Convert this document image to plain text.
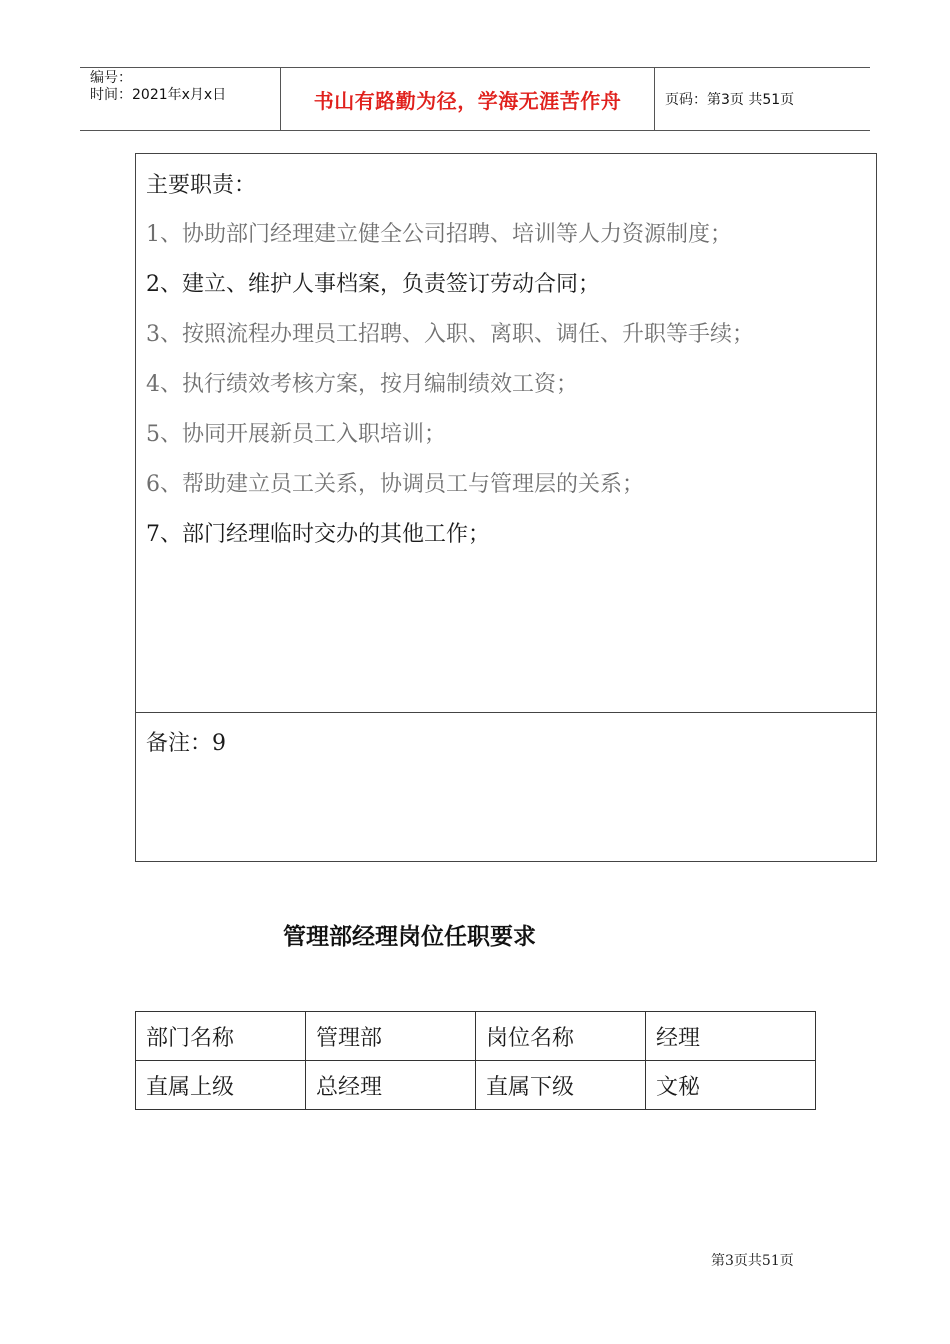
编号：
时间：2021年x月x日	书山有路勤为径，学海无涯苦作舟	页码：第3页 共51页
主要职责：
1、协助部门经理建立健全公司招聘、培训等人力资源制度；
2、建立、维护人事档案，负责签订劳动合同；
3、按照流程办理员工招聘、入职、离职、调任、升职等手续；
4、执行绩效考核方案，按月编制绩效工资；
5、协同开展新员工入职培训；
6、帮助建立员工关系，协调员工与管理层的关系；
7、部门经理临时交办的其他工作；
备注：9
管理部经理岗位任职要求
部门名称	管理部	岗位名称	经理
直属上级	总经理	直属下级	文秘
第3页共51页
